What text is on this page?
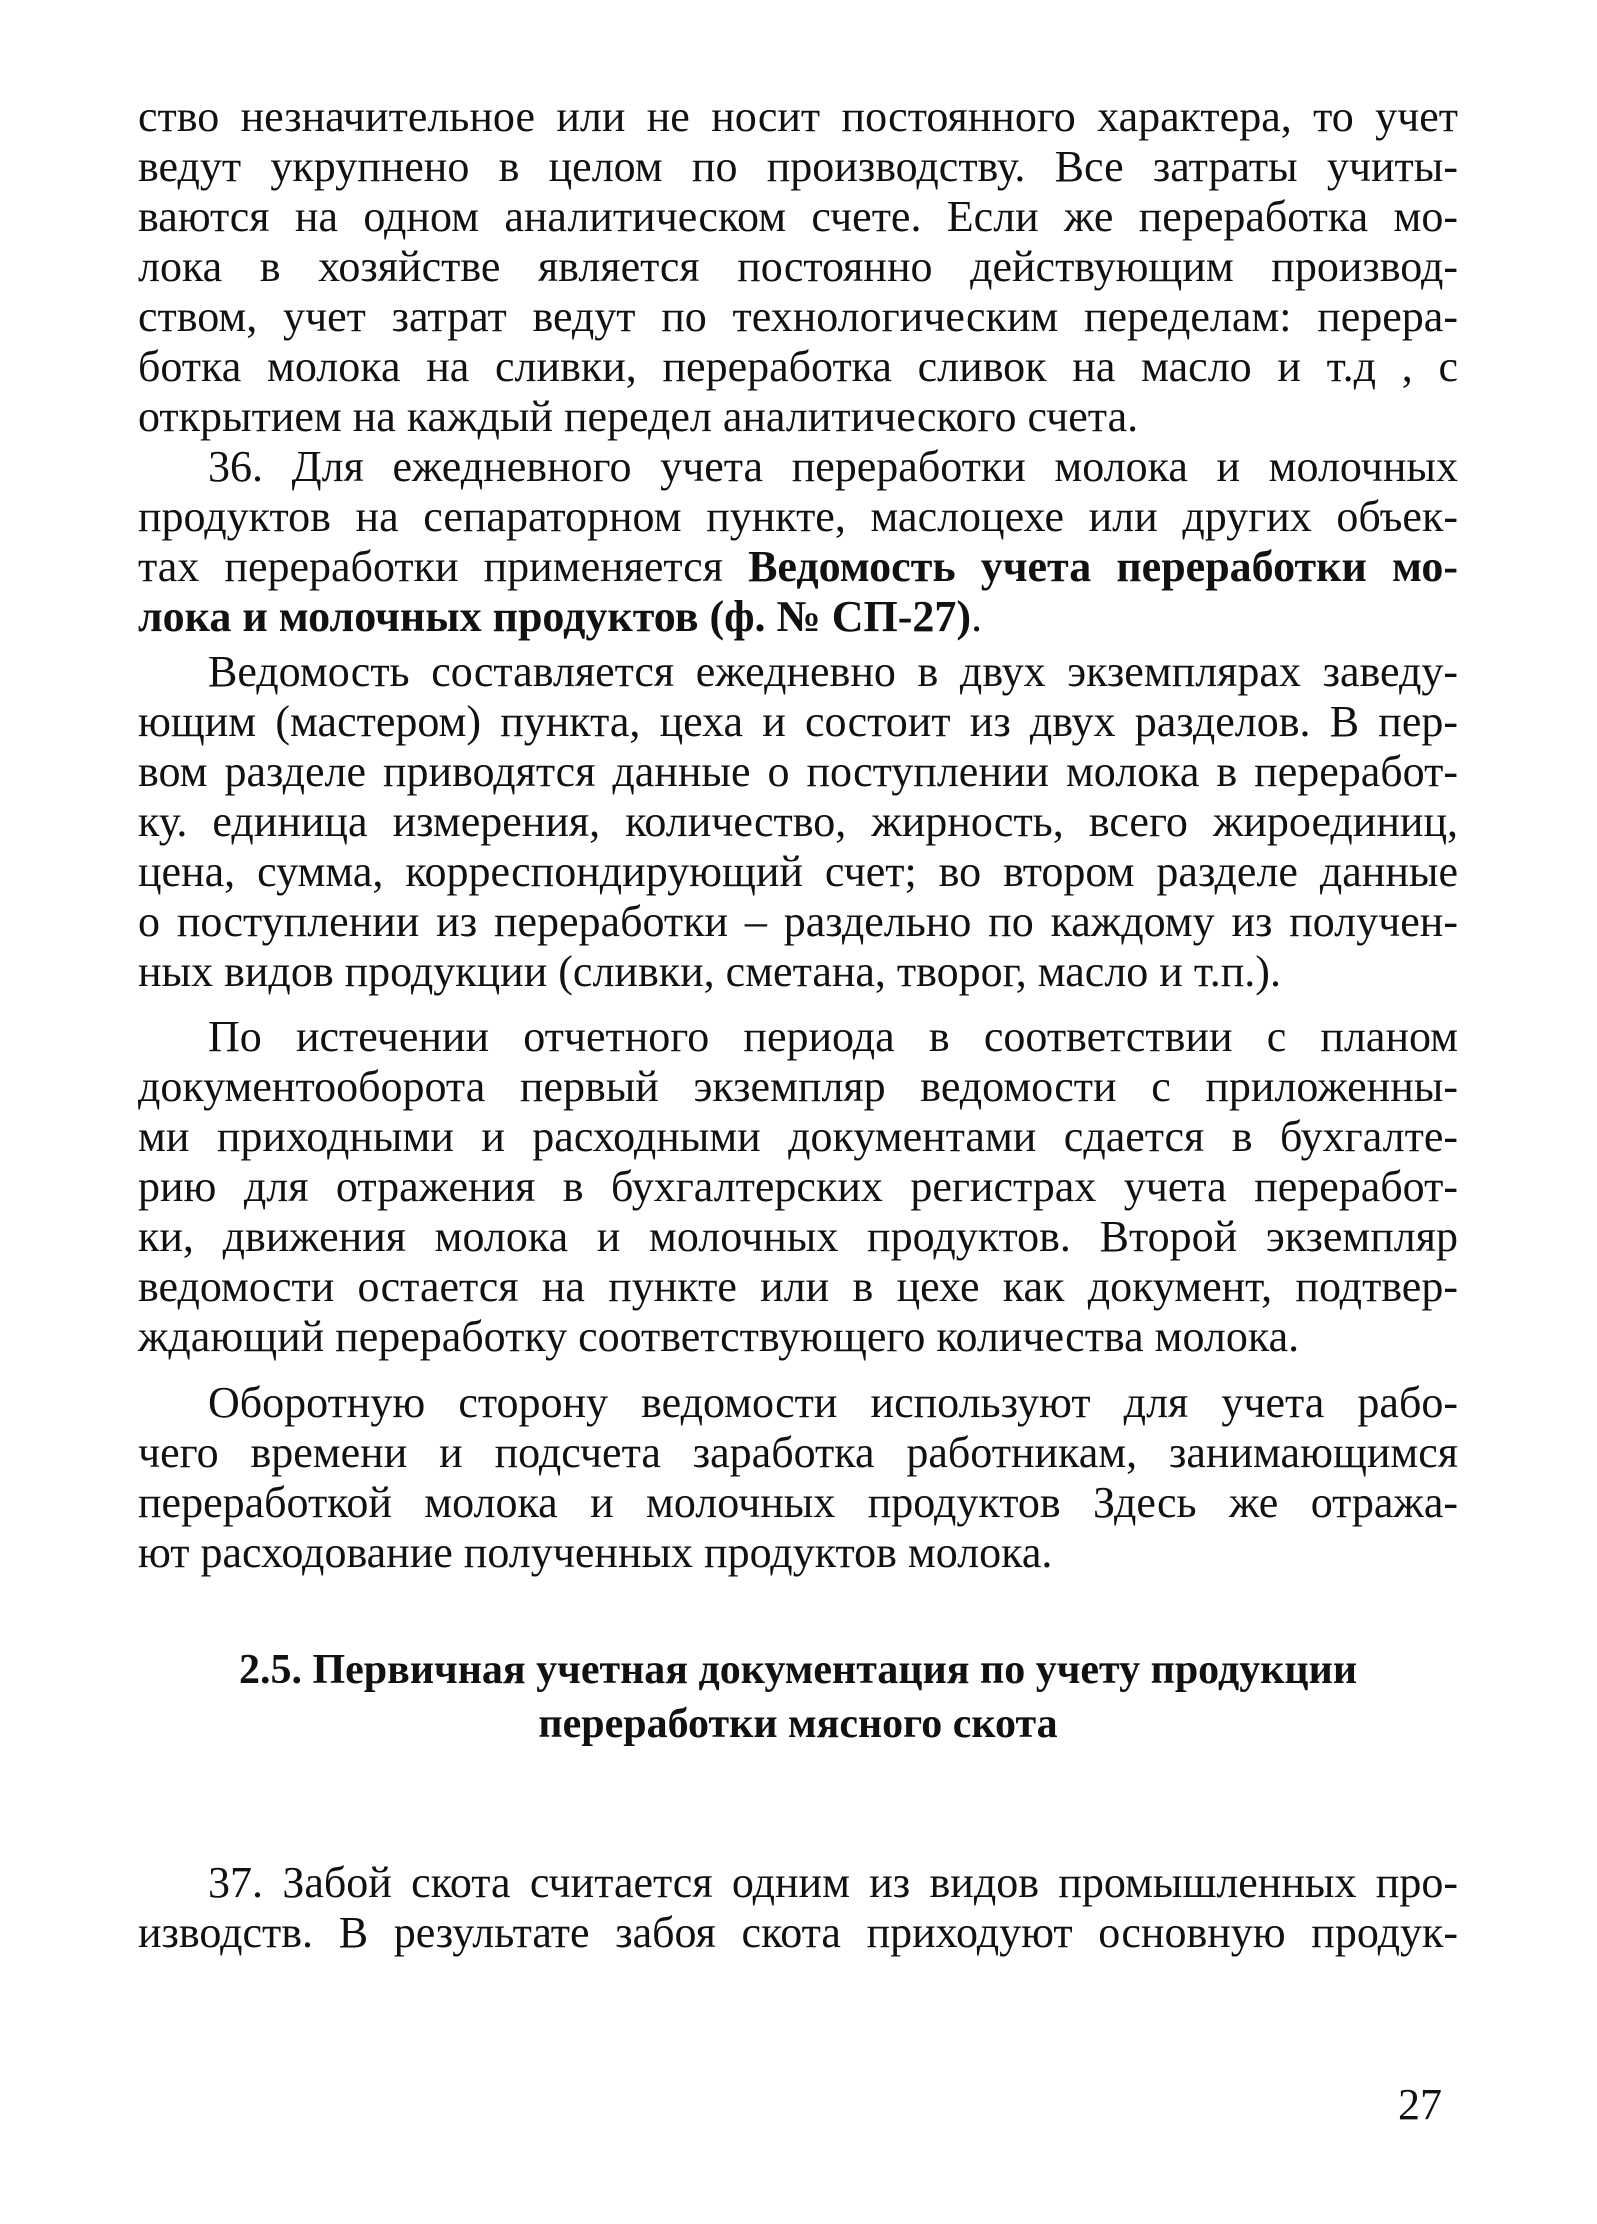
ство незначительное или не носит постоянного характера, то учет
ведут укрупнено в целом по производству. Все затраты учиты-
ваются на одном аналитическом счете. Если же переработка мо-
лока в хозяйстве является постоянно действующим производ-
ством, учет затрат ведут по технологическим переделам: перера-
ботка молока на сливки, переработка сливок на масло и т.д , с
открытием на каждый передел аналитического счета.
36. Для ежедневного учета переработки молока и молочных
продуктов на сепараторном пункте, маслоцехе или других объек-
тах переработки применяется Ведомость учета переработки мо-
лока и молочных продуктов (ф. № СП-27).
Ведомость составляется ежедневно в двух экземплярах заведу-
ющим (мастером) пункта, цеха и состоит из двух разделов. В пер-
вом разделе приводятся данные о поступлении молока в переработ-
ку. единица измерения, количество, жирность, всего жироединиц,
цена, сумма, корреспондирующий счет; во втором разделе данные
о поступлении из переработки – раздельно по каждому из получен-
ных видов продукции (сливки, сметана, творог, масло и т.п.).
По истечении отчетного периода в соответствии с планом
документооборота первый экземпляр ведомости с приложенны-
ми приходными и расходными документами сдается в бухгалте-
рию для отражения в бухгалтерских регистрах учета переработ-
ки, движения молока и молочных продуктов. Второй экземпляр
ведомости остается на пункте или в цехе как документ, подтвер-
ждающий переработку соответствующего количества молока.
Оборотную сторону ведомости используют для учета рабо-
чего времени и подсчета заработка работникам, занимающимся
переработкой молока и молочных продуктов Здесь же отража-
ют расходование полученных продуктов молока.
2.5. Первичная учетная документация по учету продукции
переработки мясного скота
37. Забой скота считается одним из видов промышленных про-
изводств. В результате забоя скота приходуют основную продук-
27
